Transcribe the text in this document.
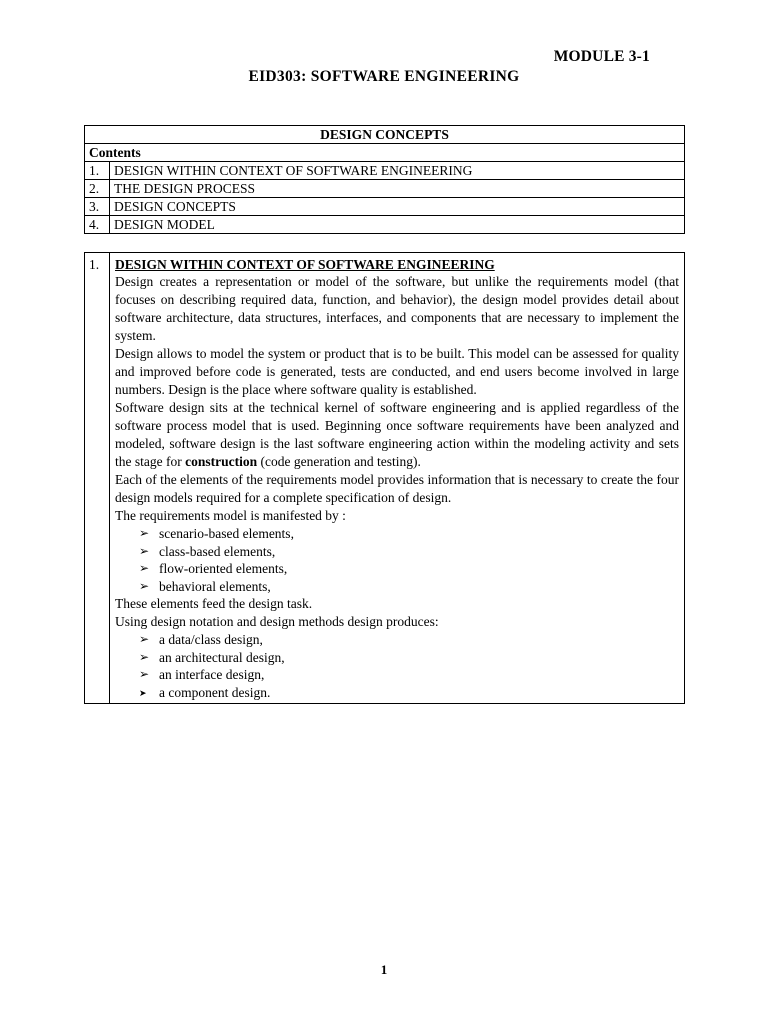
MODULE 3-1
EID303: SOFTWARE ENGINEERING
DESIGN CONCEPTS	
Contents	
1.	DESIGN WITHIN CONTEXT OF SOFTWARE ENGINEERING
2.	THE DESIGN PROCESS
3.	DESIGN CONCEPTS
4.	DESIGN MODEL
1.	DESIGN WITHIN CONTEXT OF SOFTWARE ENGINEERING

Design creates a representation or model of the software, but unlike the requirements model (that focuses on describing required data, function, and behavior), the design model provides detail about software architecture, data structures, interfaces, and components that are necessary to implement the system.

Design allows to model the system or product that is to be built. This model can be assessed for quality and improved before code is generated, tests are conducted, and end users become involved in large numbers. Design is the place where software quality is established.

Software design sits at the technical kernel of software engineering and is applied regardless of the software process model that is used. Beginning once software requirements have been analyzed and modeled, software design is the last software engineering action within the modeling activity and sets the stage for construction (code generation and testing).

Each of the elements of the requirements model provides information that is necessary to create the four design models required for a complete specification of design.

The requirements model is manifested by :

➢ scenario-based elements,
➢ class-based elements,
➢ flow-oriented elements,
➢ behavioral elements,

These elements feed the design task.

Using design notation and design methods design produces:

➢ a data/class design,
➢ an architectural design,
➢ an interface design,
➤ a component design.
1
